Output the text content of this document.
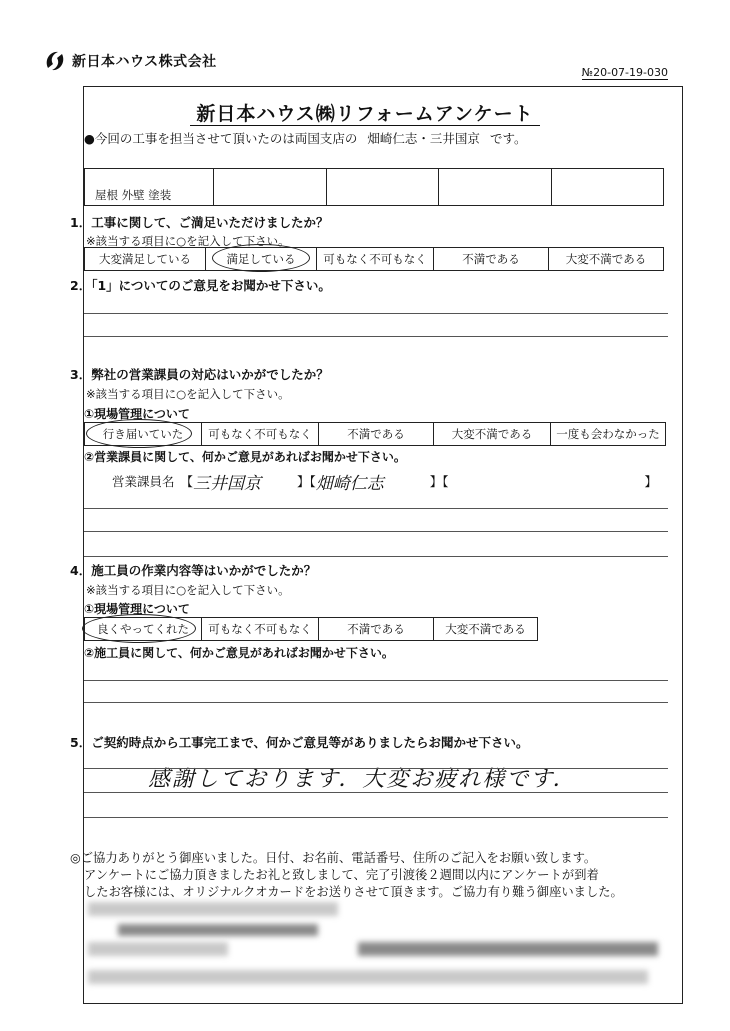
新日本ハウス株式会社
№20-07-19-030
新日本ハウス㈱リフォームアンケート
●今回の工事を担当させて頂いたのは両国支店の 畑崎仁志・三井国京 です。
屋根 外壁 塗装
1．工事に関して、ご満足いただけましたか？
※該当する項目に○を記入して下さい。
大変満足している	満足している	可もなく不可もなく	不満である	大変不満である
2．「1」についてのご意見をお聞かせ下さい。
3．弊社の営業課員の対応はいかがでしたか？
※該当する項目に○を記入して下さい。
①現場管理について
行き届いていた	可もなく不可もなく	不満である	大変不満である	一度も会わなかった
②営業課員に関して、何かご意見があればお聞かせ下さい。
営業課員名 【 三井国京	】【 畑崎仁志	】【	】
4．施工員の作業内容等はいかがでしたか？
※該当する項目に○を記入して下さい。
①現場管理について
良くやってくれた	可もなく不可もなく	不満である	大変不満である
②施工員に関して、何かご意見があればお聞かせ下さい。
5．ご契約時点から工事完工まで、何かご意見等がありましたらお聞かせ下さい。
感謝しております．大変お疲れ様です．
◎ご協力ありがとう御座いました。日付、お名前、電話番号、住所のご記入をお願い致します。
アンケートにご協力頂きましたお礼と致しまして、完了引渡後２週間以内にアンケートが到着
したお客様には、オリジナルクオカードをお送りさせて頂きます。ご協力有り難う御座いました。
